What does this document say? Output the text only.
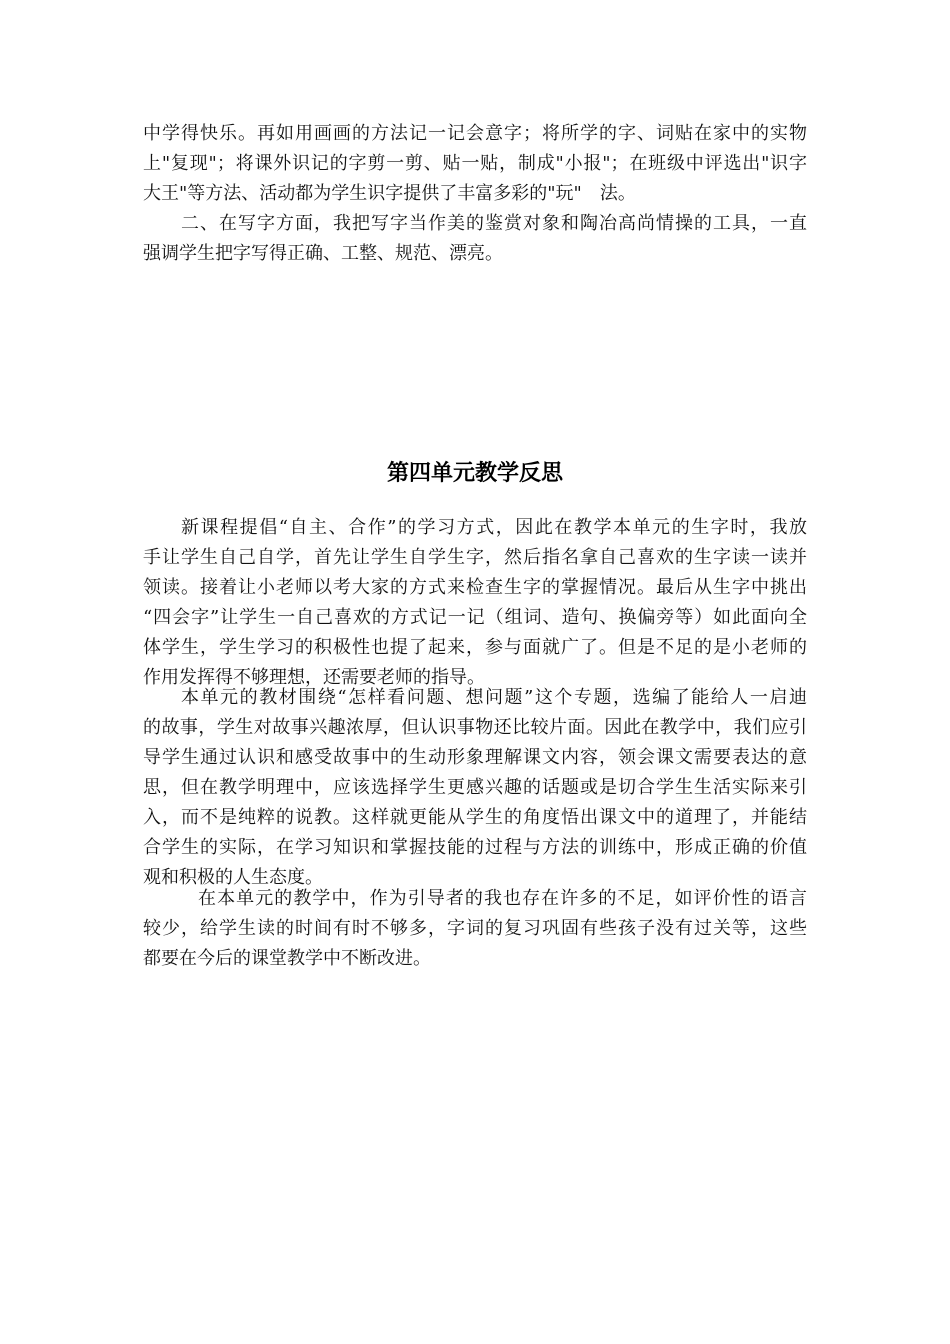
中学得快乐。再如用画画的方法记一记会意字；将所学的字、词贴在家中的实物
上"复现"；将课外识记的字剪一剪、贴一贴，制成"小报"；在班级中评选出"识字
大王"等方法、活动都为学生识字提供了丰富多彩的"玩"　法。
二、在写字方面，我把写字当作美的鉴赏对象和陶冶高尚情操的工具，一直
强调学生把字写得正确、工整、规范、漂亮。
第四单元教学反思
新课程提倡“自主、合作”的学习方式，因此在教学本单元的生字时，我放
手让学生自己自学，首先让学生自学生字，然后指名拿自己喜欢的生字读一读并
领读。接着让小老师以考大家的方式来检查生字的掌握情况。最后从生字中挑出
“四会字”让学生一自己喜欢的方式记一记（组词、造句、换偏旁等）如此面向全
体学生，学生学习的积极性也提了起来，参与面就广了。但是不足的是小老师的
作用发挥得不够理想，还需要老师的指导。
本单元的教材围绕“怎样看问题、想问题”这个专题，选编了能给人一启迪
的故事，学生对故事兴趣浓厚，但认识事物还比较片面。因此在教学中，我们应引
导学生通过认识和感受故事中的生动形象理解课文内容，领会课文需要表达的意
思，但在教学明理中，应该选择学生更感兴趣的话题或是切合学生生活实际来引
入，而不是纯粹的说教。这样就更能从学生的角度悟出课文中的道理了，并能结
合学生的实际，在学习知识和掌握技能的过程与方法的训练中，形成正确的价值
观和积极的人生态度。
在本单元的教学中，作为引导者的我也存在许多的不足，如评价性的语言
较少，给学生读的时间有时不够多，字词的复习巩固有些孩子没有过关等，这些
都要在今后的课堂教学中不断改进。
